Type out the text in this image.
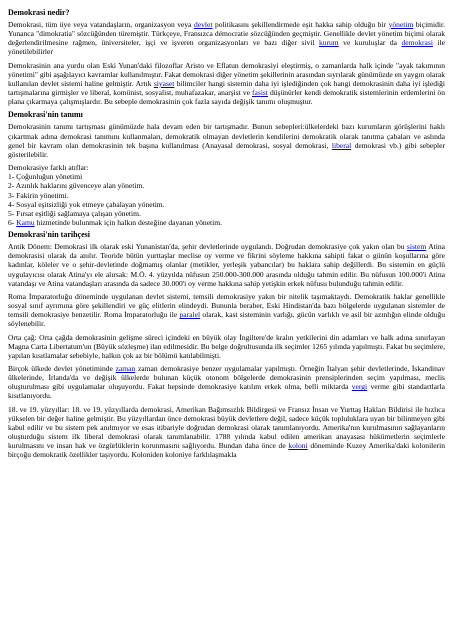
Demokrasi nedir?

Demokrasi, tüm üye veya vatandaşların, organizasyon veya devlet politikasını şekillendirmede eşit hakka sahip olduğu bir yönetim biçimidir. Yunanca "dimokratia" sözcüğünden türemiştir. Türkçeye, Fransızca démocratie sözcüğünden geçmiştir. Genellikle devlet yönetim biçimi olarak değerlendirilmesine rağmen, üniversiteler, işçi ve işveren organizasyonları ve bazı diğer sivil kurum ve kuruluşlar da demokrasi ile yönetilebilirler

Demokrasinin ana yurdu olan Eski Yunan'daki filozoflar Aristo ve Eflatun demokrasiyi eleştirmiş, o zamanlarda halk içinde "ayak takımının yönetimi" gibi aşağılayıcı kavramlar kullanılmıştır. Fakat demokrasi diğer yönetim şekillerinin arasından sıyrılarak günümüzde en yaygın olarak kullanılan devlet sistemi haline gelmiştir. Artık siyaset bilimciler hangi sistemin daha iyi işlediğinden çok hangi demokrasinin daha iyi işlediği tartışmalarına girmişler ve liberal, komünist, sosyalist, muhafazakar, anarşist ve fasist düşünürler kendi demokratik sistemlerinin erdemlerini ön plana çıkarmaya çalışmışlardır. Bu sebeple demokrasinin çok fazla sayıda değişik tanımı oluşmuştur.

Demokrasi'nin tanımı

Demokrasinin tanımı tartışması günümüzde hala devam eden bir tartışmadır. Bunun sebepleri:ülkelerdeki bazı kurumların görüşlerini haklı çıkartmak adına demokrasi tanımını kullanmaları, demokratik olmayan devletlerin kendilerini demokratik olarak tanıtma çabaları ve aslında genel bir kavram olan demokrasinin tek başına kullanılması (Anayasal demokrasi, sosyal demokrasi, liberal demokrasi vb.) gibi sebepler gösterilebilir.

Demokrasiye farklı atıflar:
1- Çoğunluğun yönetimi
2- Azınlık haklarını güvenceye alan yönetim.
3- Fakirin yönetimi.
4- Sosyal eşitsizliği yok etmeye çabalayan yönetim.
5- Fırsat eşitliği sağlamaya çalışan yönetim.
6- Kamu hizmetinde bulunmak için halkın desteğine dayanan yönetim.
Demokrasi'nin tarihçesi

Antik Dönem: Demokrasi ilk olarak eski Yunanistan'da, şehir devletlerinde uygulandı. Doğrudan demokrasiye çok yakın olan bu sistem Atina demokrasisi olarak da anılır. Teoride bütün yurttaşlar meclise oy verme ve fikrini söyleme hakkına sahipti fakat o günün koşullarına göre kadınlar, köleler ve o şehir-devletinde doğmamış olanlar (metikler, yerleşik yabancılar) bu haklara sahip değillerdi. Bu sistemin en güçlü uygulayıcısı olarak Atina'yı ele alırsak: M.Ö. 4. yüzyılda nüfusun 250.000-300.000 arasında olduğu tahmin edilir. Bu nüfusun 100.000'i Atina vatandaşı ve Atina vatandaşları arasında da sadece 30.000'i oy verme hakkına sahip yetişkin erkek nüfusu bulunduğu tahmin edilir.

Roma İmparatorluğu döneminde uygulanan devlet sistemi, temsili demokrasiye yakın bir nitelik taşımaktaydı. Demokratik haklar genellikle sosyal sınıf ayrımına göre şekillendiri ve güç elitlerin elindeydi. Bununla beraber, Eski Hindistan'da bazı bölgelerde uygulanan sistemler de temsili demokrasiye benzetilir. Roma İmparatorluğu ile paralel olarak, kast sisteminin varlığı, gücün varlıklı ve asil bir azınlığın elinde olduğu söylenebilir.

Orta çağ: Orta çağda demokrasinin gelişme süreci içindeki en büyük olay İngiltere'de kralın yetkilerini din adamları ve halk adına sınırlayan Magna Carta Libertatum'un (Büyük sözleşme) ilan edilmesidir. Bu belge doğrultusunda ilk seçimler 1265 yılında yapılmıştı. Fakat bu seçimlere, yapılan kısıtlamalar sebebiyle, halkın çok az bir bölümü katılabilmişti.

Birçok ülkede devlet yönetiminde zaman zaman demokrasiye benzer uygulamalar yapılmıştı. Örneğin İtalyan şehir devletlerinde, İskandinav ülkelerinde, İrlanda'da ve değişik ülkelerde bulunan küçük otonom bölgelerde demokrasinin prensiplerinden seçim yapılması, meclis oluşturulması gibi uygulamalar oluşuyordu. Fakat hepsinde demokrasiye katılım erkek olma, belli miktarda vergi verme gibi standartlarla kısıtlanıyordu.

18. ve 19. yüzyıllar: 18. ve 19. yüzyıllarda demokrasi, Amerikan Bağımsızlık Bildirgesi ve Fransız İnsan ve Yurttaş Hakları Bildirisi ile hızlıca yükselen bir değer haline gelmiştir. Bu yüzyıllardan önce demokrasi büyük devletlere değil, sadece küçük topluluklara uyan bir bilinmeyen gibi kabul edilir ve bu sistem pek anılmıyor ve esas itibariyle doğrudan demokrasi olarak tanımlanıyordu. Amerika'nın kurulmasının sağlayanların oluşturduğu sistem ilk liberal demokrasi olarak tanımlanabilir. 1788 yılında kabul edilen amerikan anayasası hükümetlerin seçimlerle kurulmasını ve insan hak ve özgürlüklerin korunmasını sağlıyordu. Bundan daha önce de koloni döneminde Kuzey Amerika'daki kolonilerin birçoğu demokratik özellikler taşıyordu. Koloniden koloniye farklılaşmakla
